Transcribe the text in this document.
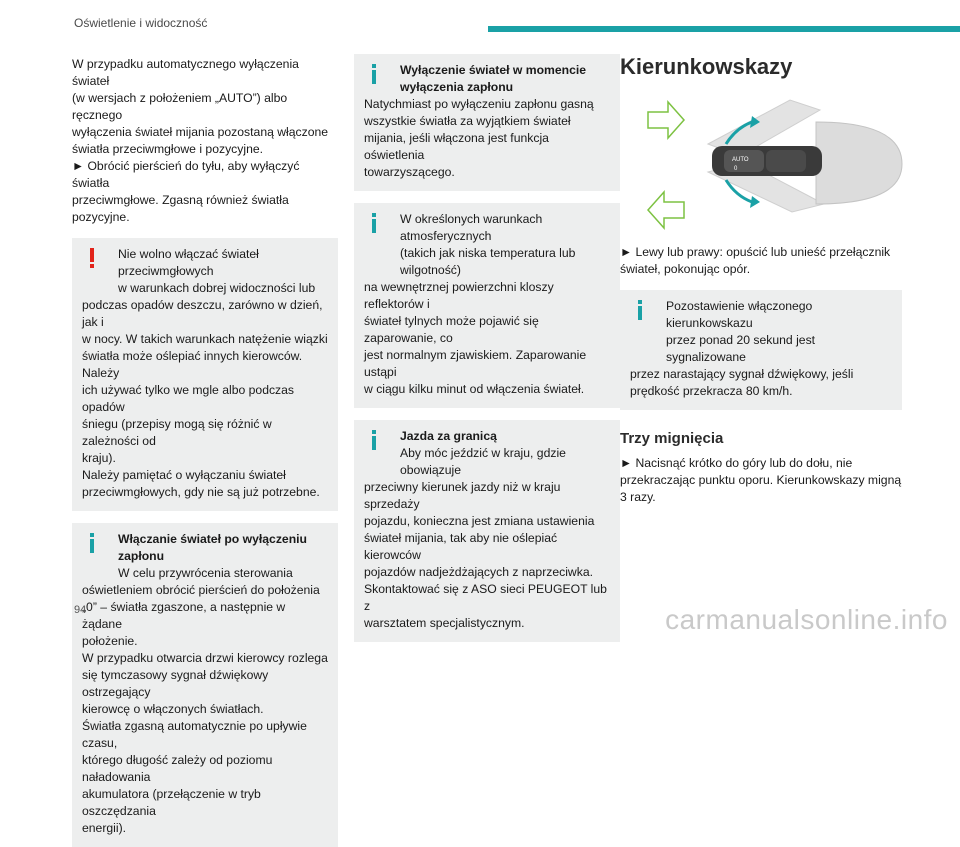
Oświetlenie i widoczność
W przypadku automatycznego wyłączenia świateł
(w wersjach z położeniem „AUTO”) albo ręcznego
wyłączenia świateł mijania pozostaną włączone
światła przeciwmgłowe i pozycyjne.
► Obrócić pierścień do tyłu, aby wyłączyć światła
przeciwmgłowe. Zgasną również światła pozycyjne.
Nie wolno włączać świateł przeciwmgłowych
w warunkach dobrej widoczności lub
podczas opadów deszczu, zarówno w dzień, jak i
w nocy. W takich warunkach natężenie wiązki
światła może oślepiać innych kierowców. Należy
ich używać tylko we mgle albo podczas opadów
śniegu (przepisy mogą się różnić w zależności od
kraju).
Należy pamiętać o wyłączaniu świateł
przeciwmgłowych, gdy nie są już potrzebne.
Włączanie świateł po wyłączeniu zapłonu
W celu przywrócenia sterowania
oświetleniem obrócić pierścień do położenia
„0” – światła zgaszone, a następnie w żądane
położenie.
W przypadku otwarcia drzwi kierowcy rozlega
się tymczasowy sygnał dźwiękowy ostrzegający
kierowcę o włączonych światłach.
Światła zgasną automatycznie po upływie czasu,
którego długość zależy od poziomu naładowania
akumulatora (przełączenie w tryb oszczędzania
energii).
Wyłączenie świateł w momencie
wyłączenia zapłonu
Natychmiast po wyłączeniu zapłonu gasną
wszystkie światła za wyjątkiem świateł
mijania, jeśli włączona jest funkcja oświetlenia
towarzyszącego.
W określonych warunkach atmosferycznych
(takich jak niska temperatura lub wilgotność)
na wewnętrznej powierzchni kloszy reflektorów i
świateł tylnych może pojawić się zaparowanie, co
jest normalnym zjawiskiem. Zaparowanie ustąpi
w ciągu kilku minut od włączenia świateł.
Jazda za granicą
Aby móc jeździć w kraju, gdzie obowiązuje
przeciwny kierunek jazdy niż w kraju sprzedaży
pojazdu, konieczna jest zmiana ustawienia
świateł mijania, tak aby nie oślepiać kierowców
pojazdów nadjeżdżających z naprzeciwka.
Skontaktować się z ASO sieci PEUGEOT lub z
warsztatem specjalistycznym.
Kierunkowskazy
AUTO
0
► Lewy lub prawy: opuścić lub unieść przełącznik
świateł, pokonując opór.
Pozostawienie włączonego kierunkowskazu
przez ponad 20 sekund jest sygnalizowane
przez narastający sygnał dźwiękowy, jeśli
prędkość przekracza 80 km/h.
Trzy mignięcia
► Nacisnąć krótko do góry lub do dołu, nie
przekraczając punktu oporu. Kierunkowskazy migną
3 razy.
94	carmanualsonline.info
